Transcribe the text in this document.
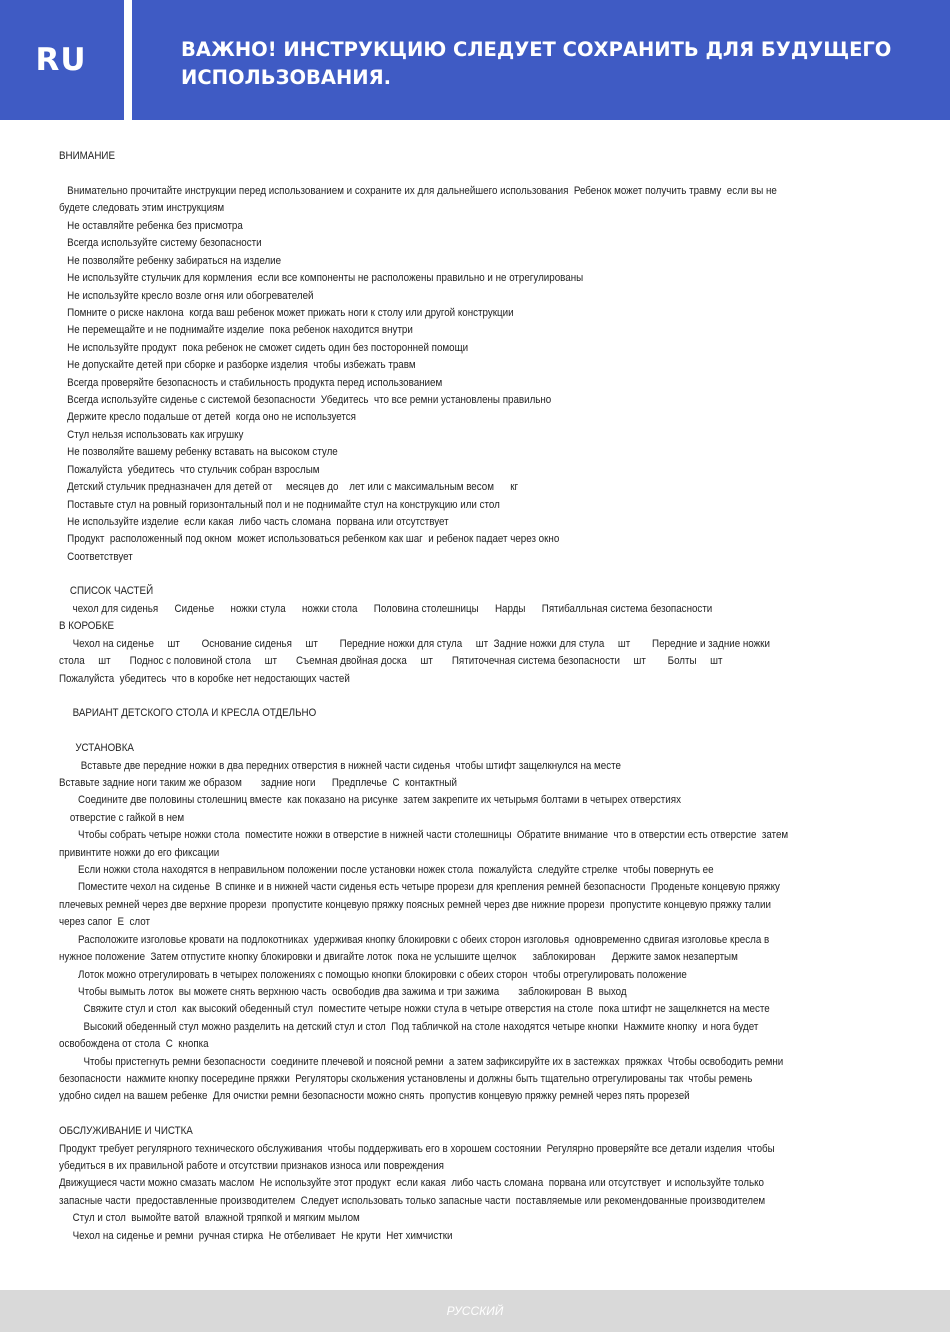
RU	ВАЖНО! ИНСТРУКЦИЮ СЛЕДУЕТ СОХРАНИТЬ ДЛЯ БУДУЩЕГО
ИСПОЛЬЗОВАНИЯ.
ВНИМАНИЕ
Внимательно прочитайте инструкции перед использованием и сохраните их для дальнейшего использования  Ребенок может получить травму  если вы не
будете следовать этим инструкциям
Не оставляйте ребенка без присмотра
Всегда используйте систему безопасности
Не позволяйте ребенку забираться на изделие
Не используйте стульчик для кормления  если все компоненты не расположены правильно и не отрегулированы
Не используйте кресло возле огня или обогревателей
Помните о риске наклона  когда ваш ребенок может прижать ноги к столу или другой конструкции
Не перемещайте и не поднимайте изделие  пока ребенок находится внутри
Не используйте продукт  пока ребенок не сможет сидеть один без посторонней помощи
Не допускайте детей при сборке и разборке изделия  чтобы избежать травм
Всегда проверяйте безопасность и стабильность продукта перед использованием
Всегда используйте сиденье с системой безопасности  Убедитесь  что все ремни установлены правильно
Держите кресло подальше от детей  когда оно не используется
Стул нельзя использовать как игрушку
Не позволяйте вашему ребенку вставать на высоком стуле
Пожалуйста  убедитесь  что стульчик собран взрослым
Детский стульчик предназначен для детей от     месяцев до    лет или с максимальным весом      кг
Поставьте стул на ровный горизонтальный пол и не поднимайте стул на конструкцию или стол
Не используйте изделие  если какая  либо часть сломана  порвана или отсутствует
Продукт  расположенный под окном  может использоваться ребенком как шаг  и ребенок падает через окно
Соответствует
СПИСОК ЧАСТЕЙ
чехол для сиденья      Сиденье      ножки стула      ножки стола      Половина столешницы      Нарды      Пятибалльная система безопасности
В КОРОБКЕ
Чехол на сиденье     шт        Основание сиденья     шт        Передние ножки для стула     шт  Задние ножки для стула     шт        Передние и задние ножки
стола     шт       Поднос с половиной стола     шт       Съемная двойная доска     шт       Пятиточечная система безопасности     шт        Болты     шт
Пожалуйста  убедитесь  что в коробке нет недостающих частей
ВАРИАНТ ДЕТСКОГО СТОЛА И КРЕСЛА ОТДЕЛЬНО
УСТАНОВКА
Вставьте две передние ножки в два передних отверстия в нижней части сиденья  чтобы штифт защелкнулся на месте
Вставьте задние ноги таким же образом       задние ноги      Предплечье  С  контактный
Соедините две половины столешниц вместе  как показано на рисунке  затем закрепите их четырьмя болтами в четырех отверстиях
отверстие с гайкой в нем
Чтобы собрать четыре ножки стола  поместите ножки в отверстие в нижней части столешницы  Обратите внимание  что в отверстии есть отверстие  затем
привинтите ножки до его фиксации
Если ножки стола находятся в неправильном положении после установки ножек стола  пожалуйста  следуйте стрелке  чтобы повернуть ее
Поместите чехол на сиденье  В спинке и в нижней части сиденья есть четыре прорези для крепления ремней безопасности  Проденьте концевую пряжку
плечевых ремней через две верхние прорези  пропустите концевую пряжку поясных ремней через две нижние прорези  пропустите концевую пряжку талии
через сапог  Е  слот
Расположите изголовье кровати на подлокотниках  удерживая кнопку блокировки с обеих сторон изголовья  одновременно сдвигая изголовье кресла в
нужное положение  Затем отпустите кнопку блокировки и двигайте лоток  пока не услышите щелчок      заблокирован      Держите замок незапертым
Лоток можно отрегулировать в четырех положениях с помощью кнопки блокировки с обеих сторон  чтобы отрегулировать положение
Чтобы вымыть лоток  вы можете снять верхнюю часть  освободив два зажима и три зажима       заблокирован  В  выход
Свяжите стул и стол  как высокий обеденный стул  поместите четыре ножки стула в четыре отверстия на столе  пока штифт не защелкнется на месте
Высокий обеденный стул можно разделить на детский стул и стол  Под табличкой на столе находятся четыре кнопки  Нажмите кнопку  и нога будет
освобождена от стола  С  кнопка
Чтобы пристегнуть ремни безопасности  соедините плечевой и поясной ремни  а затем зафиксируйте их в застежках  пряжках  Чтобы освободить ремни
безопасности  нажмите кнопку посередине пряжки  Регуляторы скольжения установлены и должны быть тщательно отрегулированы так  чтобы ремень
удобно сидел на вашем ребенке  Для очистки ремни безопасности можно снять  пропустив концевую пряжку ремней через пять прорезей
ОБСЛУЖИВАНИЕ И ЧИСТКА
Продукт требует регулярного технического обслуживания  чтобы поддерживать его в хорошем состоянии  Регулярно проверяйте все детали изделия  чтобы
убедиться в их правильной работе и отсутствии признаков износа или повреждения
Движущиеся части можно смазать маслом  Не используйте этот продукт  если какая  либо часть сломана  порвана или отсутствует  и используйте только
запасные части  предоставленные производителем  Следует использовать только запасные части  поставляемые или рекомендованные производителем
Стул и стол  вымойте ватой  влажной тряпкой и мягким мылом
Чехол на сиденье и ремни  ручная стирка  Не отбеливает  Не крути  Нет химчистки
РУССКИЙ
